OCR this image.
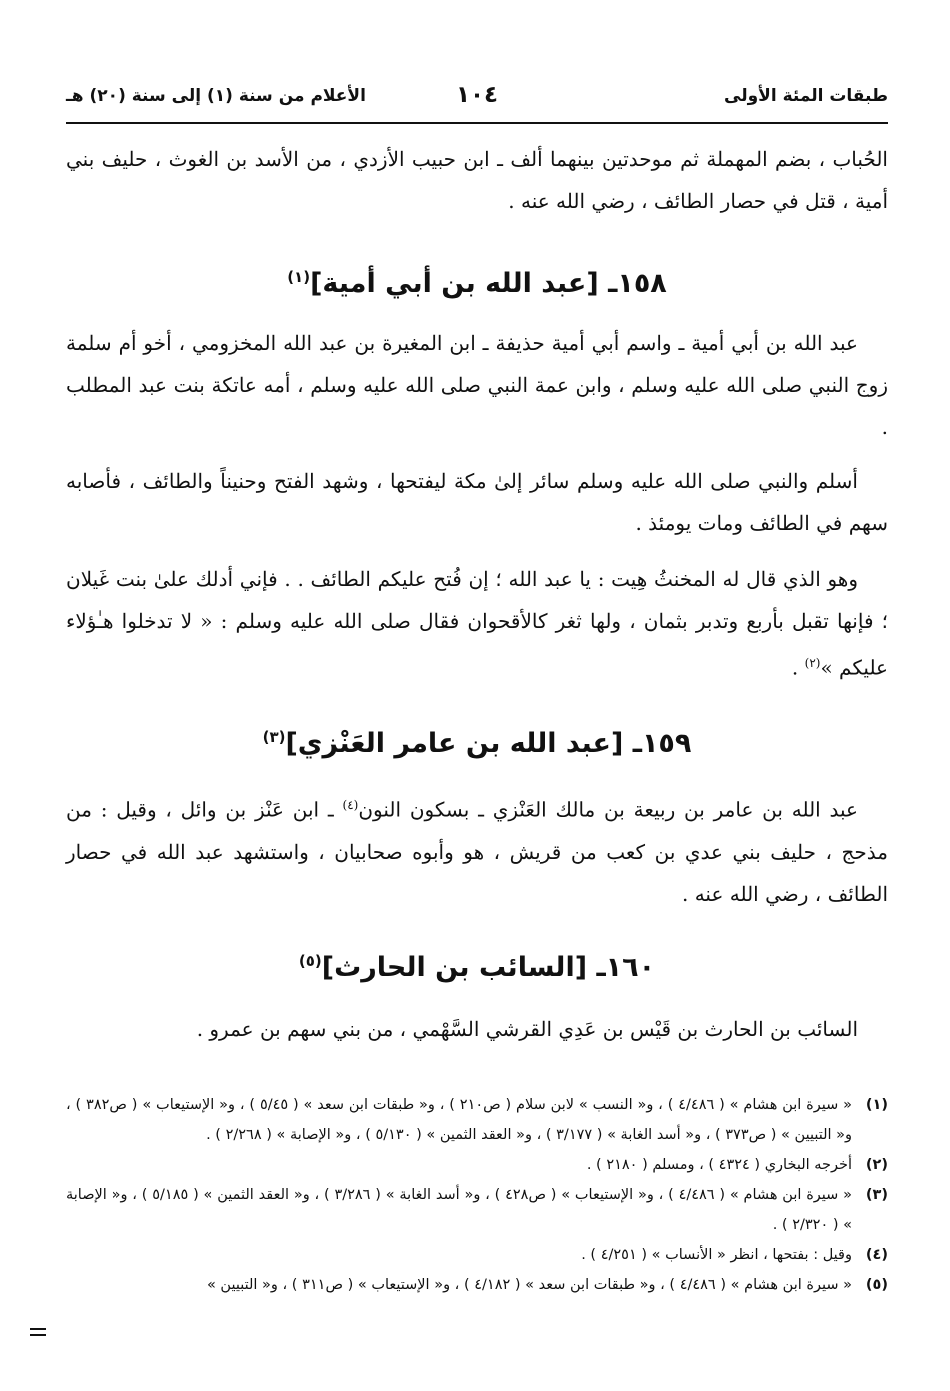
طبقات المئة الأولى
١٠٤
الأعلام من سنة (١) إلى سنة (٢٠) هـ
الحُباب ، بضم المهملة ثم موحدتين بينهما ألف ـ ابن حبيب الأزدي ، من الأسد بن الغوث ، حليف بني أمية ، قتل في حصار الطائف ، رضي الله عنه .
١٥٨ـ [عبد الله بن أبي أمية]$^{(١)}$
عبد الله بن أبي أمية ـ واسم أبي أمية حذيفة ـ ابن المغيرة بن عبد الله المخزومي ، أخو أم سلمة زوج النبي صلى الله عليه وسلم ، وابن عمة النبي صلى الله عليه وسلم ، أمه عاتكة بنت عبد المطلب .
أسلم والنبي صلى الله عليه وسلم سائر إلىٰ مكة ليفتحها ، وشهد الفتح وحنيناً والطائف ، فأصابه سهم في الطائف ومات يومئذ .
وهو الذي قال له المخنثُ هِيت : يا عبد الله ؛ إن فُتح عليكم الطائف . . فإني أدلك علىٰ بنت غَيلان ؛ فإنها تقبل بأربع وتدبر بثمان ، ولها ثغر كالأقحوان فقال صلى الله عليه وسلم : « لا تدخلوا هـٰؤلاء عليكم »$^{(٢)}$ .
١٥٩ـ [عبد الله بن عامر العَنْزي]$^{(٣)}$
عبد الله بن عامر بن ربيعة بن مالك العَنْزي ـ بسكون النون$^{(٤)}$ ـ ابن عَنْز بن وائل ، وقيل : من مذحج ، حليف بني عدي بن كعب من قريش ، هو وأبوه صحابيان ، واستشهد عبد الله في حصار الطائف ، رضي الله عنه .
١٦٠ـ [السائب بن الحارث]$^{(٥)}$
السائب بن الحارث بن قَيْس بن عَدِي القرشي السَّهْمي ، من بني سهم بن عمرو .
(١)
« سيرة ابن هشام » ( ٤/٤٨٦ ) ، و« النسب » لابن سلام ( ص٢١٠ ) ، و« طبقات ابن سعد » ( ٥/٤٥ ) ، و« الإستيعاب » ( ص٣٨٢ ) ، و« التبيين » ( ص٣٧٣ ) ، و« أسد الغابة » ( ٣/١٧٧ ) ، و« العقد الثمين » ( ٥/١٣٠ ) ، و« الإصابة » ( ٢/٢٦٨ ) .
(٢)
أخرجه البخاري ( ٤٣٢٤ ) ، ومسلم ( ٢١٨٠ ) .
(٣)
« سيرة ابن هشام » ( ٤/٤٨٦ ) ، و« الإستيعاب » ( ص٤٢٨ ) ، و« أسد الغابة » ( ٣/٢٨٦ ) ، و« العقد الثمين » ( ٥/١٨٥ ) ، و« الإصابة » ( ٢/٣٢٠ ) .
(٤)
وقيل : بفتحها ، انظر « الأنساب » ( ٤/٢٥١ ) .
(٥)
« سيرة ابن هشام » ( ٤/٤٨٦ ) ، و« طبقات ابن سعد » ( ٤/١٨٢ ) ، و« الإستيعاب » ( ص٣١١ ) ، و« التبيين »
